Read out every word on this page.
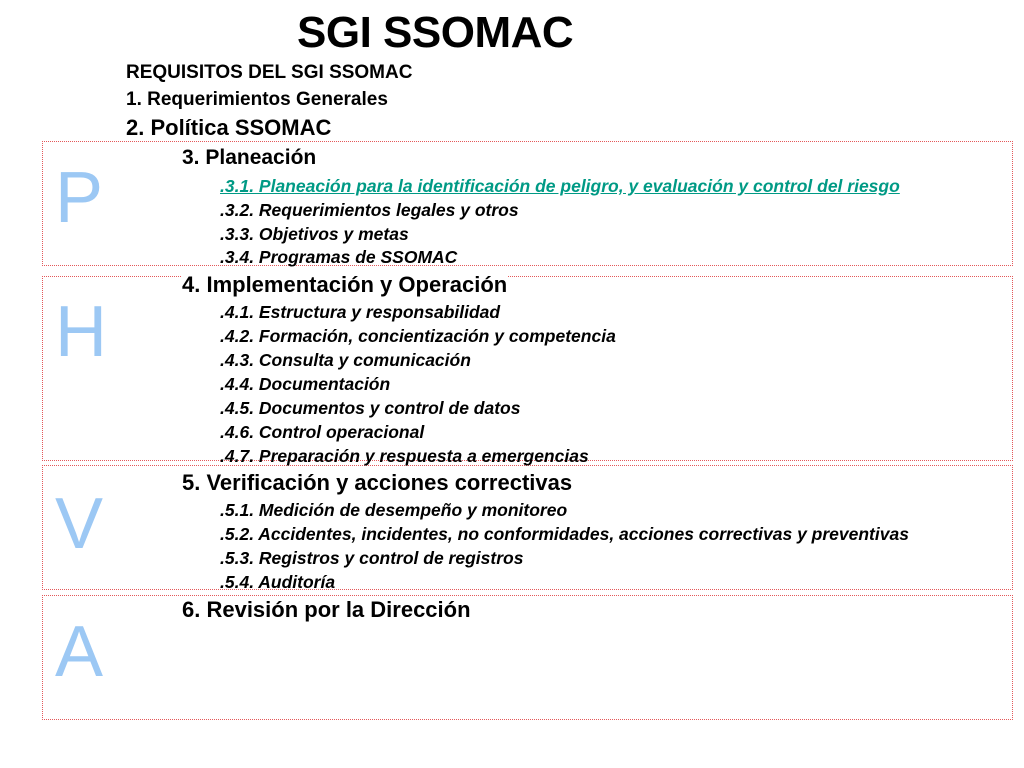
SGI SSOMAC
REQUISITOS DEL SGI SSOMAC
1. Requerimientos Generales
2. Política SSOMAC
P
H
V
A
3. Planeación
.3.1. Planeación para la identificación de peligro, y evaluación y control del riesgo
.3.2. Requerimientos legales y otros
.3.3. Objetivos y metas
.3.4. Programas de SSOMAC
4. Implementación y Operación
.4.1. Estructura y responsabilidad
.4.2. Formación, concientización y competencia
.4.3. Consulta y comunicación
.4.4. Documentación
.4.5. Documentos y control de datos
.4.6. Control operacional
.4.7. Preparación y respuesta a emergencias
5. Verificación y acciones correctivas
.5.1. Medición de desempeño y monitoreo
.5.2. Accidentes, incidentes, no conformidades, acciones correctivas y preventivas
.5.3. Registros y control de registros
.5.4. Auditoría
6. Revisión por la Dirección
